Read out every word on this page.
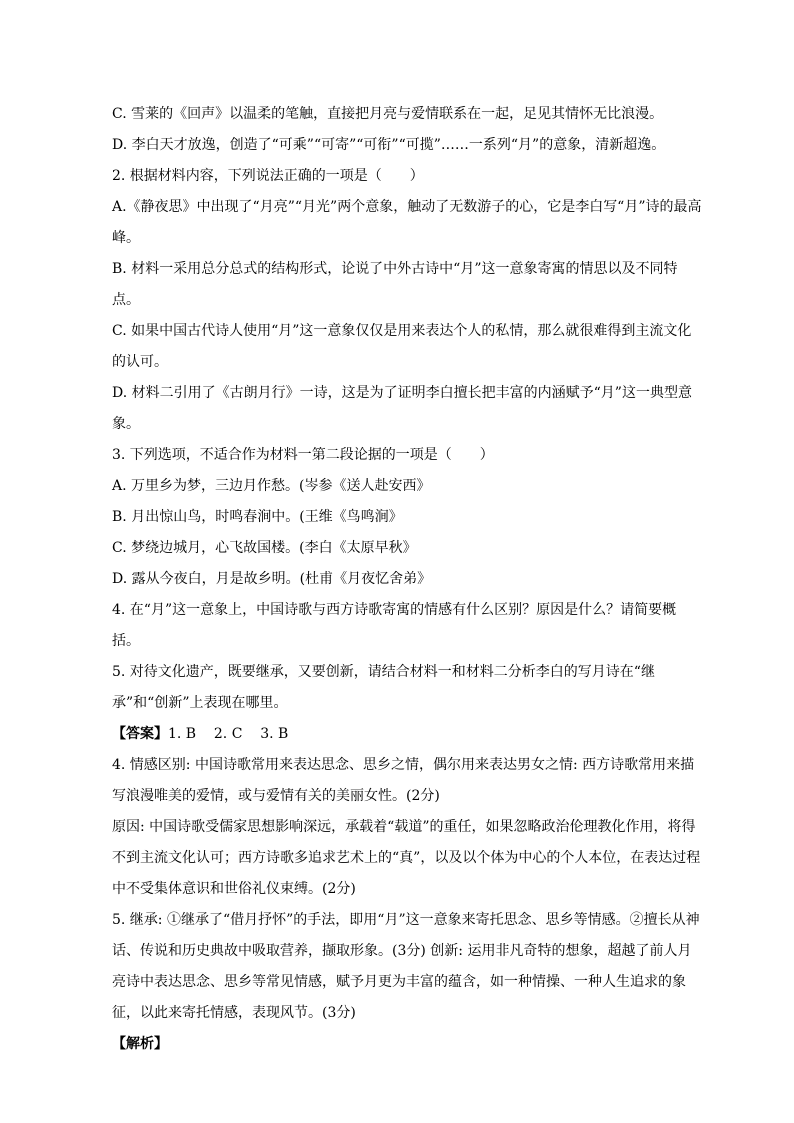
C. 雪莱的《回声》以温柔的笔触，直接把月亮与爱情联系在一起，足见其情怀无比浪漫。

D. 李白天才放逸，创造了“可乘”“可寄”“可衔”“可揽”……一系列“月”的意象，清新超逸。

2. 根据材料内容，下列说法正确的一项是（　　）

A.《静夜思》中出现了“月亮”“月光”两个意象，触动了无数游子的心，它是李白写“月”诗的最高峰。

B. 材料一采用总分总式的结构形式，论说了中外古诗中“月”这一意象寄寓的情思以及不同特点。

C. 如果中国古代诗人使用“月”这一意象仅仅是用来表达个人的私情，那么就很难得到主流文化的认可。

D. 材料二引用了《古朗月行》一诗，这是为了证明李白擅长把丰富的内涵赋予“月”这一典型意象。

3. 下列选项，不适合作为材料一第二段论据的一项是（　　）

A. 万里乡为梦，三边月作愁。(岑参《送人赴安西》

B. 月出惊山鸟，时鸣春涧中。(王维《鸟鸣涧》

C. 梦绕边城月，心飞故国楼。(李白《太原早秋》

D. 露从今夜白，月是故乡明。(杜甫《月夜忆舍弟》

4. 在“月”这一意象上，中国诗歌与西方诗歌寄寓的情感有什么区别？原因是什么？请简要概括。

5. 对待文化遗产，既要继承，又要创新，请结合材料一和材料二分析李白的写月诗在“继承”和“创新”上表现在哪里。

【答案】1. B    2. C    3. B

4. 情感区别: 中国诗歌常用来表达思念、思乡之情，偶尔用来表达男女之情: 西方诗歌常用来描写浪漫唯美的爱情，或与爱情有关的美丽女性。(2分)

原因: 中国诗歌受儒家思想影响深远，承载着“载道”的重任，如果忽略政治伦理教化作用，将得不到主流文化认可；西方诗歌多追求艺术上的“真”，以及以个体为中心的个人本位，在表达过程中不受集体意识和世俗礼仪束缚。(2分)

5. 继承: ①继承了“借月抒怀”的手法，即用“月”这一意象来寄托思念、思乡等情感。②擅长从神话、传说和历史典故中吸取营养，撷取形象。(3分) 创新: 运用非凡奇特的想象，超越了前人月亮诗中表达思念、思乡等常见情感，赋予月更为丰富的蕴含，如一种情操、一种人生追求的象征，以此来寄托情感，表现风节。(3分)

【解析】
